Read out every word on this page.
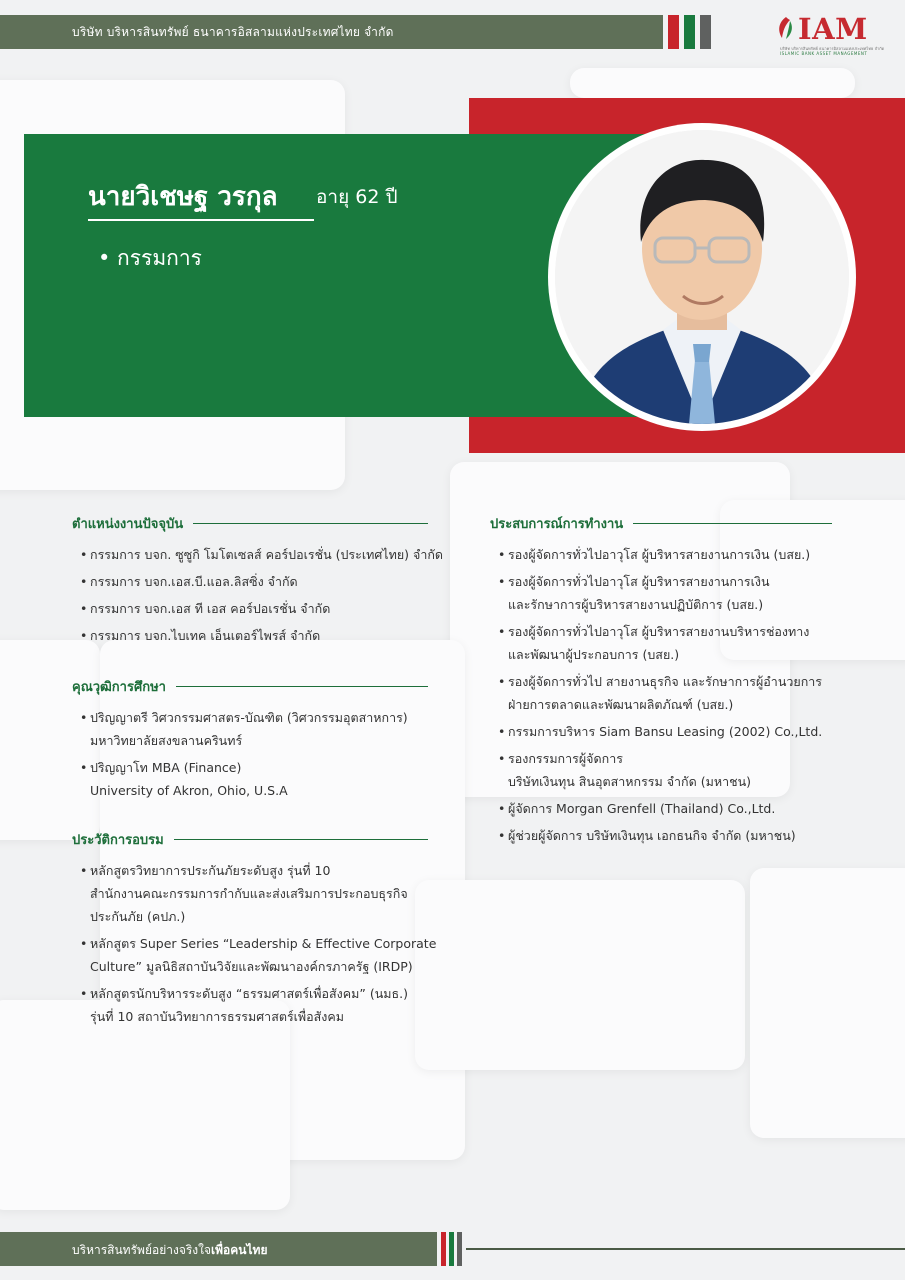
บริษัท บริหารสินทรัพย์ ธนาคารอิสลามแห่งประเทศไทย จำกัด	IAM
บริษัท บริหารสินทรัพย์ ธนาคารอิสลามแห่งประเทศไทย จำกัด
ISLAMIC BANK ASSET MANAGEMENT
นายวิเชษฐ วรกุล อายุ 62 ปี
• กรรมการ
ตำแหน่งงานปัจจุบัน
• กรรมการ บจก. ซูซูกิ โมโตเซลส์ คอร์ปอเรชั่น (ประเทศไทย) จำกัด
• กรรมการ บจก.เอส.บี.แอล.ลิสซิ่ง จำกัด
• กรรมการ บจก.เอส ที เอส คอร์ปอเรชั่น จำกัด
• กรรมการ บจก.ไบเทค เอ็นเตอร์ไพรส์ จำกัด
คุณวุฒิการศึกษา
• ปริญญาตรี วิศวกรรมศาสตร-บัณฑิต (วิศวกรรมอุตสาหการ)
มหาวิทยาลัยสงขลานครินทร์
• ปริญญาโท MBA (Finance)
University of Akron, Ohio, U.S.A
ประวัติการอบรม
• หลักสูตรวิทยาการประกันภัยระดับสูง รุ่นที่ 10
สำนักงานคณะกรรมการกำกับและส่งเสริมการประกอบธุรกิจ
ประกันภัย (คปภ.)
• หลักสูตร Super Series “Leadership & Effective Corporate
Culture” มูลนิธิสถาบันวิจัยและพัฒนาองค์กรภาครัฐ (IRDP)
• หลักสูตรนักบริหารระดับสูง “ธรรมศาสตร์เพื่อสังคม” (นมธ.)
รุ่นที่ 10 สถาบันวิทยาการธรรมศาสตร์เพื่อสังคม
ประสบการณ์การทำงาน
• รองผู้จัดการทั่วไปอาวุโส ผู้บริหารสายงานการเงิน (บสย.)
• รองผู้จัดการทั่วไปอาวุโส ผู้บริหารสายงานการเงิน
และรักษาการผู้บริหารสายงานปฏิบัติการ (บสย.)
• รองผู้จัดการทั่วไปอาวุโส ผู้บริหารสายงานบริหารช่องทาง
และพัฒนาผู้ประกอบการ (บสย.)
• รองผู้จัดการทั่วไป สายงานธุรกิจ และรักษาการผู้อำนวยการ
ฝ่ายการตลาดและพัฒนาผลิตภัณฑ์ (บสย.)
• กรรมการบริหาร Siam Bansu Leasing (2002) Co.,Ltd.
• รองกรรมการผู้จัดการ
บริษัทเงินทุน สินอุตสาหกรรม จำกัด (มหาชน)
• ผู้จัดการ Morgan Grenfell (Thailand) Co.,Ltd.
• ผู้ช่วยผู้จัดการ บริษัทเงินทุน เอกธนกิจ จำกัด (มหาชน)
บริหารสินทรัพย์อย่างจริงใจเพื่อคนไทย
